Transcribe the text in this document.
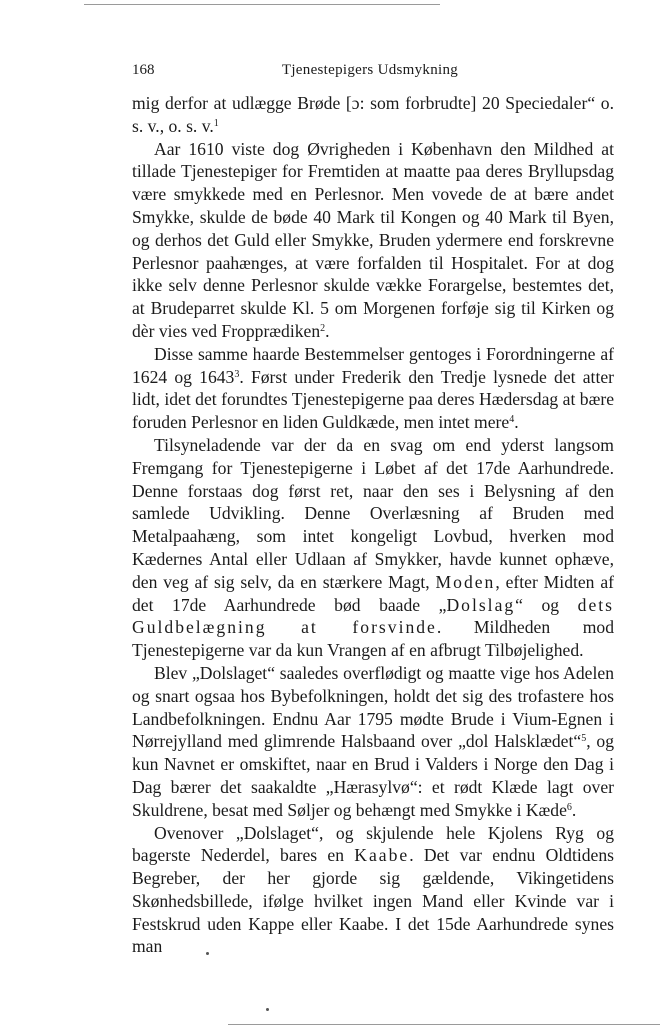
168	Tjenestepigers Udsmykning

mig derfor at udlægge Brøde [ɔ: som forbrudte] 20 Speciedaler“ o. s. v., o. s. v.$^1$

Aar 1610 viste dog Øvrigheden i København den Mildhed at tillade Tjenestepiger for Fremtiden at maatte paa deres Bryllupsdag være smykkede med en Perlesnor. Men vovede de at bære andet Smykke, skulde de bøde 40 Mark til Kongen og 40 Mark til Byen, og derhos det Guld eller Smykke, Bruden ydermere end forskrevne Perlesnor paahænges, at være forfalden til Hospitalet. For at dog ikke selv denne Perlesnor skulde vække Forargelse, bestemtes det, at Brudeparret skulde Kl. 5 om Morgenen forføje sig til Kirken og dèr vies ved Fropprædiken$^2$.

Disse samme haarde Bestemmelser gentoges i Forordningerne af 1624 og 1643$^3$. Først under Frederik den Tredje lysnede det atter lidt, idet det forundtes Tjenestepigerne paa deres Hædersdag at bære foruden Perlesnor en liden Guldkæde, men intet mere$^4$.

Tilsyneladende var der da en svag om end yderst langsom Fremgang for Tjenestepigerne i Løbet af det 17de Aarhundrede. Denne forstaas dog først ret, naar den ses i Belysning af den samlede Udvikling. Denne Overlæsning af Bruden med Metalpaahæng, som intet kongeligt Lovbud, hverken mod Kædernes Antal eller Udlaan af Smykker, havde kunnet ophæve, den veg af sig selv, da en stærkere Magt, Moden, efter Midten af det 17de Aarhundrede bød baade „Dolslag“ og dets Guldbelægning at forsvinde. Mildheden mod Tjenestepigerne var da kun Vrangen af en afbrugt Tilbøjelighed.

Blev „Dolslaget“ saaledes overflødigt og maatte vige hos Adelen og snart ogsaa hos Bybefolkningen, holdt det sig des trofastere hos Landbefolkningen. Endnu Aar 1795 mødte Brude i Vium-Egnen i Nørrejylland med glimrende Halsbaand over „dol Halsklædet“$^5$, og kun Navnet er omskiftet, naar en Brud i Valders i Norge den Dag i Dag bærer det saakaldte „Hærasylvø“: et rødt Klæde lagt over Skuldrene, besat med Søljer og behængt med Smykke i Kæde$^6$.

Ovenover „Dolslaget“, og skjulende hele Kjolens Ryg og bagerste Nederdel, bares en Kaabe. Det var endnu Oldtidens Begreber, der her gjorde sig gældende, Vikingetidens Skønhedsbillede, ifølge hvilket ingen Mand eller Kvinde var i Festskrud uden Kappe eller Kaabe. I det 15de Aarhundrede synes man
